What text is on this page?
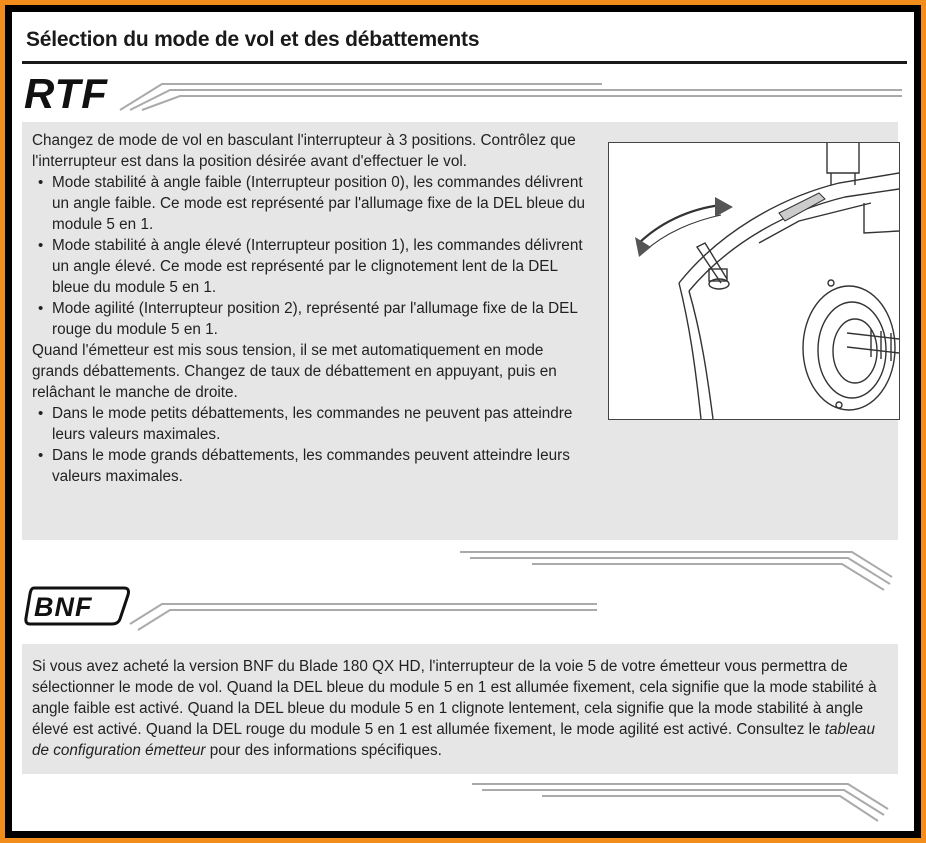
Sélection du mode de vol et des débattements
RTF

Changez de mode de vol en basculant l'interrupteur à 3 positions. Contrôlez que l'interrupteur est dans la position désirée avant d'effectuer le vol.

• Mode stabilité à angle faible (Interrupteur position 0), les commandes délivrent un angle faible. Ce mode est représenté par l'allumage fixe de la DEL bleue du module 5 en 1.

• Mode stabilité à angle élevé (Interrupteur position 1), les commandes délivrent un angle élevé. Ce mode est représenté par le clignotement lent de la DEL bleue du module 5 en 1.

• Mode agilité (Interrupteur position 2), représenté par l'allumage fixe de la DEL rouge du module 5 en 1.

Quand l'émetteur est mis sous tension, il se met automatiquement en mode grands débattements. Changez de taux de débattement en appuyant, puis en relâchant le manche de droite.

• Dans le mode petits débattements, les commandes ne peuvent pas atteindre leurs valeurs maximales.

• Dans le mode grands débattements, les commandes peuvent atteindre leurs valeurs maximales.

BNF

Si vous avez acheté la version BNF du Blade 180 QX HD, l'interrupteur de la voie 5 de votre émetteur vous permettra de sélectionner le mode de vol. Quand la DEL bleue du module 5 en 1 est allumée fixement, cela signifie que la mode stabilité à angle faible est activé. Quand la DEL bleue du module 5 en 1 clignote lentement, cela signifie que la mode stabilité à angle élevé est activé. Quand la DEL rouge du module 5 en 1 est allumée fixement, le mode agilité est activé. Consultez le tableau de configuration émetteur pour des informations spécifiques.
